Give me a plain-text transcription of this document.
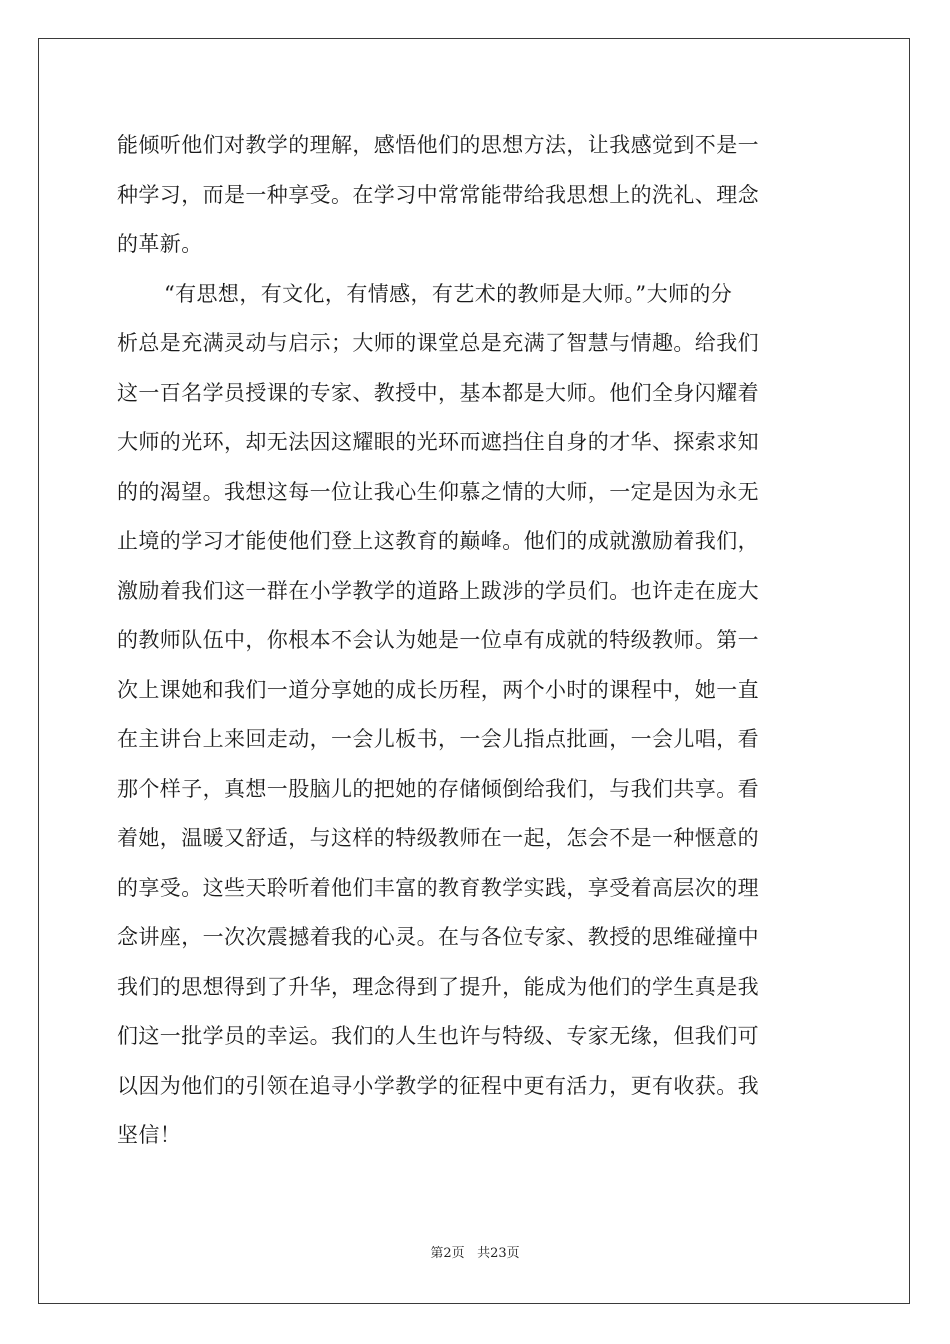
能倾听他们对教学的理解，感悟他们的思想方法，让我感觉到不是一
种学习，而是一种享受。在学习中常常能带给我思想上的洗礼、理念
的革新。
“有思想，有文化，有情感，有艺术的教师是大师。”大师的分
析总是充满灵动与启示；大师的课堂总是充满了智慧与情趣。给我们
这一百名学员授课的专家、教授中，基本都是大师。他们全身闪耀着
大师的光环，却无法因这耀眼的光环而遮挡住自身的才华、探索求知
的的渴望。我想这每一位让我心生仰慕之情的大师，一定是因为永无
止境的学习才能使他们登上这教育的巅峰。他们的成就激励着我们，
激励着我们这一群在小学教学的道路上跋涉的学员们。也许走在庞大
的教师队伍中，你根本不会认为她是一位卓有成就的特级教师。第一
次上课她和我们一道分享她的成长历程，两个小时的课程中，她一直
在主讲台上来回走动，一会儿板书，一会儿指点批画，一会儿唱，看
那个样子，真想一股脑儿的把她的存储倾倒给我们，与我们共享。看
着她，温暖又舒适，与这样的特级教师在一起，怎会不是一种惬意的
的享受。这些天聆听着他们丰富的教育教学实践，享受着高层次的理
念讲座，一次次震撼着我的心灵。在与各位专家、教授的思维碰撞中
我们的思想得到了升华，理念得到了提升，能成为他们的学生真是我
们这一批学员的幸运。我们的人生也许与特级、专家无缘，但我们可
以因为他们的引领在追寻小学教学的征程中更有活力，更有收获。我
坚信！
第2页 共23页
